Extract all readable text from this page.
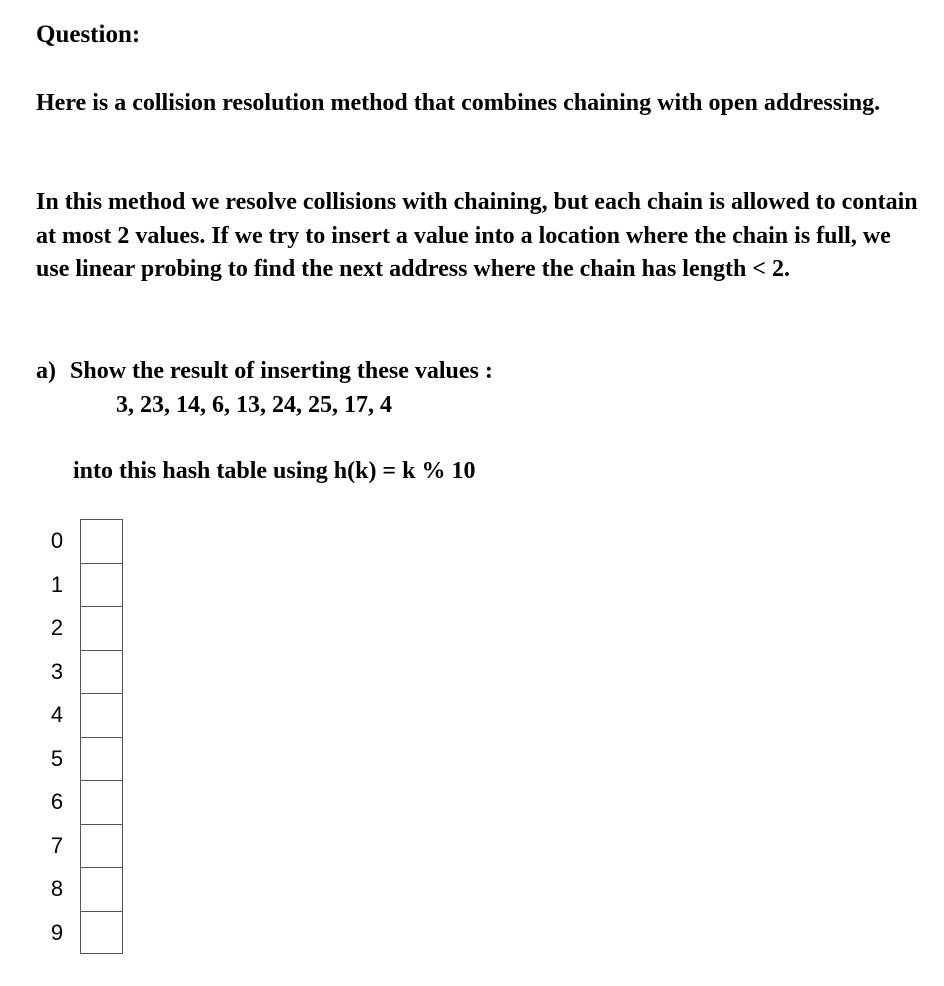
Question:

Here is a collision resolution method that combines chaining with open addressing.

In this method we resolve collisions with chaining, but each chain is allowed to contain at most 2 values. If we try to insert a value into a location where the chain is full, we use linear probing to find the next address where the chain has length < 2.

a) Show the result of inserting these values :
3, 23, 14, 6, 13, 24, 25, 17, 4
into this hash table using h(k) = k % 10
0
1
2
3
4
5
6
7
8
9
